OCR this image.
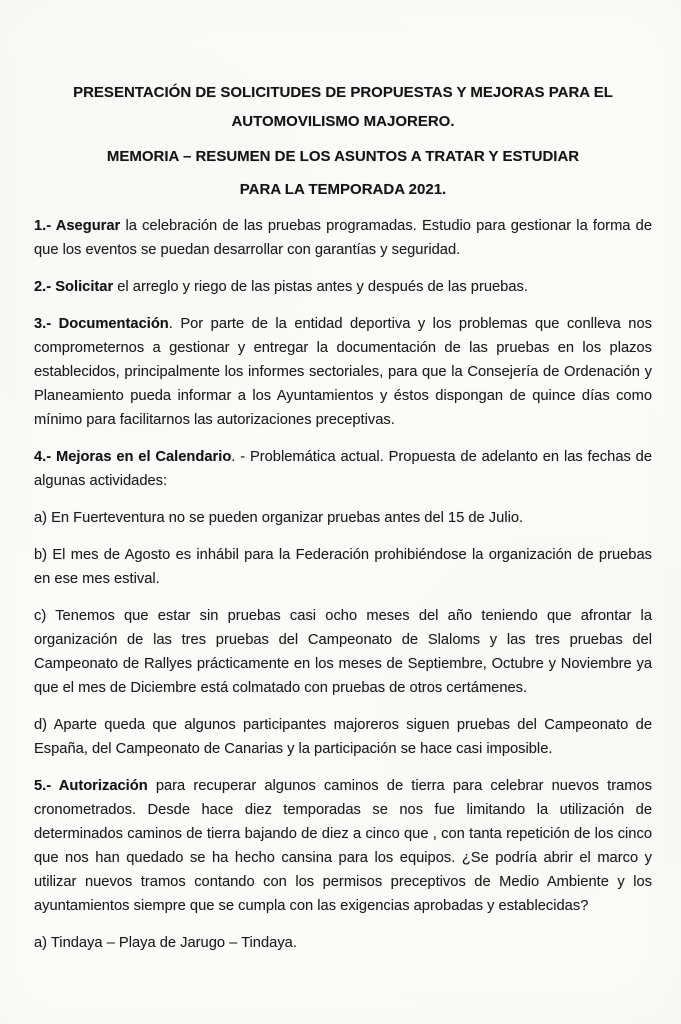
PRESENTACIÓN DE SOLICITUDES DE PROPUESTAS Y MEJORAS PARA EL
AUTOMOVILISMO MAJORERO.
MEMORIA – RESUMEN DE LOS ASUNTOS A TRATAR Y ESTUDIAR
PARA LA TEMPORADA 2021.

1.- Asegurar la celebración de las pruebas programadas. Estudio para gestionar la forma de que los eventos se puedan desarrollar con garantías y seguridad.

2.- Solicitar el arreglo y riego de las pistas antes y después de las pruebas.

3.- Documentación. Por parte de la entidad deportiva y los problemas que conlleva nos comprometernos a gestionar y entregar la documentación de las pruebas en los plazos establecidos, principalmente los informes sectoriales, para que la Consejería de Ordenación y Planeamiento pueda informar a los Ayuntamientos y éstos dispongan de quince días como mínimo para facilitarnos las autorizaciones preceptivas.

4.- Mejoras en el Calendario. - Problemática actual. Propuesta de adelanto en las fechas de algunas actividades:

a) En Fuerteventura no se pueden organizar pruebas antes del 15 de Julio.

b) El mes de Agosto es inhábil para la Federación prohibiéndose la organización de pruebas en ese mes estival.

c) Tenemos que estar sin pruebas casi ocho meses del año teniendo que afrontar la organización de las tres pruebas del Campeonato de Slaloms y las tres pruebas del Campeonato de Rallyes prácticamente en los meses de Septiembre, Octubre y Noviembre ya que el mes de Diciembre está colmatado con pruebas de otros certámenes.

d) Aparte queda que algunos participantes majoreros siguen pruebas del Campeonato de España, del Campeonato de Canarias y la participación se hace casi imposible.

5.- Autorización para recuperar algunos caminos de tierra para celebrar nuevos tramos cronometrados. Desde hace diez temporadas se nos fue limitando la utilización de determinados caminos de tierra bajando de diez a cinco que , con tanta repetición de los cinco que nos han quedado se ha hecho cansina para los equipos. ¿Se podría abrir el marco y utilizar nuevos tramos contando con los permisos preceptivos de Medio Ambiente y los ayuntamientos siempre que se cumpla con las exigencias aprobadas y establecidas?

a) Tindaya – Playa de Jarugo – Tindaya.
